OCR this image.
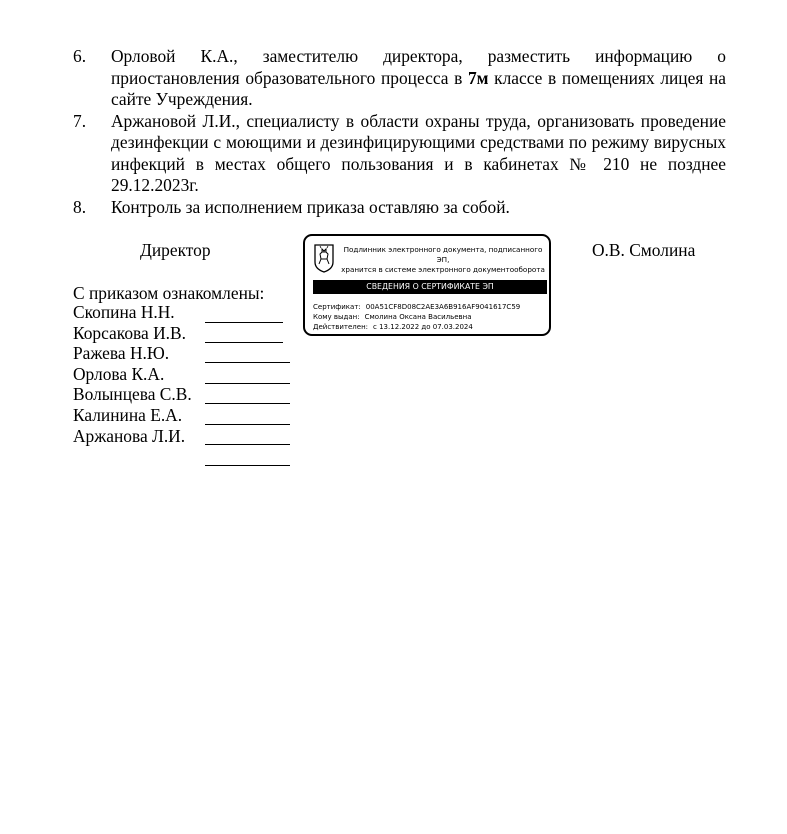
6.	Орловой К.А., заместителю директора, разместить информацию о приостановления образовательного процесса в 7м классе в помещениях лицея на сайте Учреждения.
7.	Аржановой Л.И., специалисту в области охраны труда, организовать проведение дезинфекции с моющими и дезинфицирующими средствами по режиму вирусных инфекций в местах общего пользования и в кабинетах № 210 не позднее 29.12.2023г.
8.	Контроль за исполнением приказа оставляю за собой.
Директор	О.В. Смолина
Подлинник электронного документа, подписанного ЭП,
хранится в системе электронного документооборота
СВЕДЕНИЯ О СЕРТИФИКАТЕ ЭП
Сертификат: 00A51CF8D08C2AE3A6B916AF9041617C59
Кому выдан: Смолина Оксана Васильевна
Действителен: с 13.12.2022 до 07.03.2024
С приказом ознакомлены:
Скопина Н.Н.
Корсакова И.В.
Ражева Н.Ю.
Орлова К.А.
Волынцева С.В.
Калинина Е.А.
Аржанова Л.И.
